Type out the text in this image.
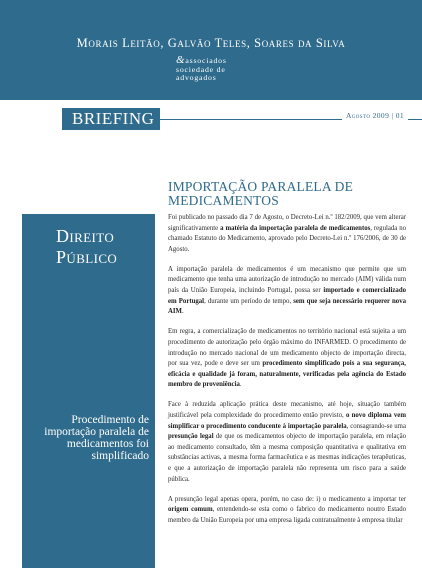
Morais Leitão, Galvão Teles, Soares da Silva
&associados
sociedade de
advogados
BRIEFING	Agosto 2009 | 01
IMPORTAÇÃO PARALELA DE MEDICAMENTOS
Direito Público
Procedimento de importação paralela de medicamentos foi simplificado

Foi publicado no passado dia 7 de Agosto, o Decreto-Lei n.º 182/2009, que vem alterar significativamente a matéria da importação paralela de medicamentos, regulada no chamado Estatuto do Medicamento, aprovado pelo Decreto-Lei n.º 176/2006, de 30 de Agosto.

A importação paralela de medicamentos é um mecanismo que permite que um medicamento que tenha uma autorização de introdução no mercado (AIM) válida num país da União Europeia, incluindo Portugal, possa ser importado e comercializado em Portugal, durante um período de tempo, sem que seja necessário requerer nova AIM.

Em regra, a comercialização de medicamentos no território nacional está sujeita a um procedimento de autorização pelo órgão máximo do INFARMED. O procedimento de introdução no mercado nacional de um medicamento objecto de importação directa, por sua vez, pode e deve ser um procedimento simplificado pois a sua segurança, eficácia e qualidade já foram, naturalmente, verificadas pela agência do Estado membro de proveniência.

Face à reduzida aplicação prática deste mecanismo, até hoje, situação também justificável pela complexidade do procedimento então previsto, o novo diploma vem simplificar o procedimento conducente à importação paralela, consagrando-se uma presunção legal de que os medicamentos objecto de importação paralela, em relação ao medicamento consultado, têm a mesma composição quantitativa e qualitativa em substâncias activas, a mesma forma farmacêutica e as mesmas indicações terapêuticas, e que a autorização de importação paralela não representa um risco para a saúde pública.

A presunção legal apenas opera, porém, no caso de: i) o medicamento a importar ter origem comum, entendendo-se esta como o fabrico do medicamento noutro Estado membro da União Europeia por uma empresa ligada contratualmente à empresa titular
